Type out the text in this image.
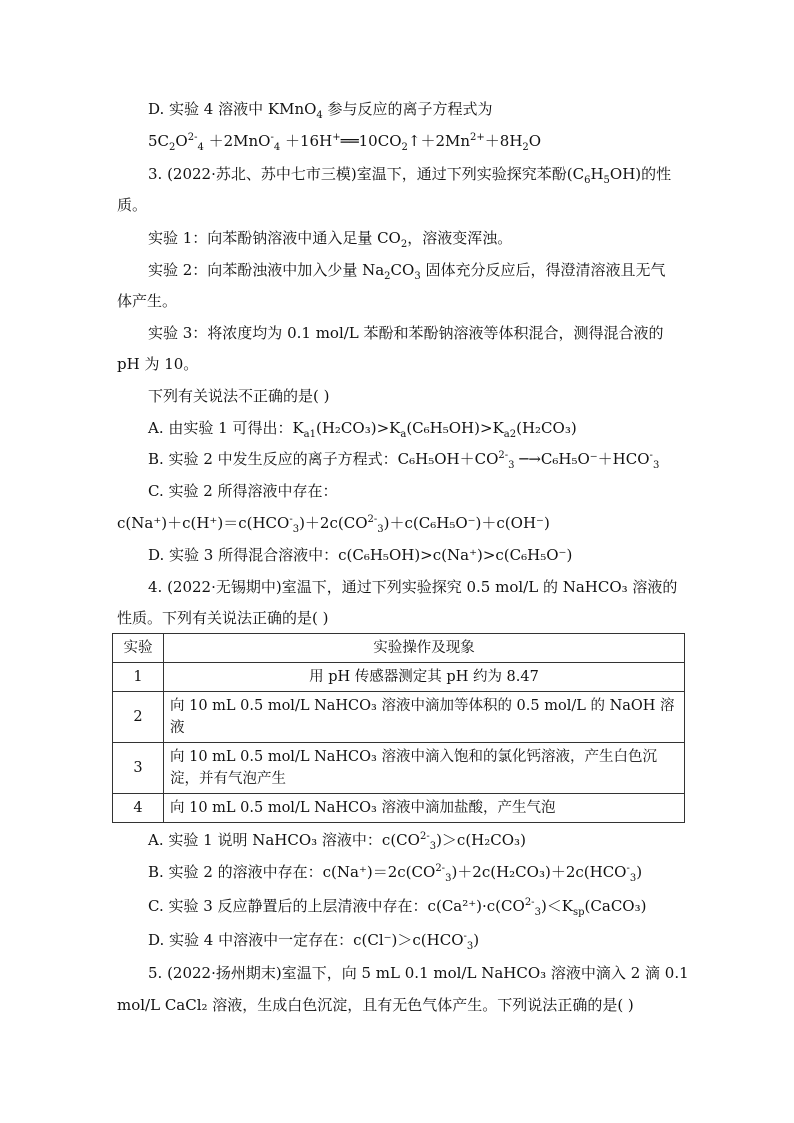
D. 实验 4 溶液中 KMnO$_4$ 参与反应的离子方程式为
$5C_2O^{2-}_4 +2MnO^-_4$ $+16H^+══10CO_2↑+2Mn^{2+}+8H_2O$
3. (2022·苏北、苏中七市三模)室温下，通过下列实验探究苯酚$(C_6H_5OH)$的性
质。
实验 1：向苯酚钠溶液中通入足量 $CO_2$，溶液变浑浊。
实验 2：向苯酚浊液中加入少量 $Na_2CO_3$ 固体充分反应后，得澄清溶液且无气
体产生。
实验 3：将浓度均为 0.1 mol/L 苯酚和苯酚钠溶液等体积混合，测得混合液的
pH 为 10。
下列有关说法不正确的是( )
A. 由实验 1 可得出：$K_{a1}(H_2CO_3)>K_a(C_6H_5OH)>K_{a2}(H_2CO_3)$
B. 实验 2 中发生反应的离子方程式：$C_6H_5OH+CO^{2-}_3$ $─\to C_6H_5O^-+HCO^-_3$
C. 实验 2 所得溶液中存在：
$c(Na^+)+c(H^+)=c(HCO^-_3)+2c(CO^{2-}_3)+c(C_6H_5O^-)+c(OH^-)$
D. 实验 3 所得混合溶液中：c(C₆H₅OH)>c(Na⁺)>c(C₆H₅O⁻)
4. (2022·无锡期中)室温下，通过下列实验探究 0.5 mol/L 的 NaHCO₃ 溶液的
性质。下列有关说法正确的是( )
实验	实验操作及现象
1	用 pH 传感器测定其 pH 约为 8.47
2	向 10 mL 0.5 mol/L NaHCO₃ 溶液中滴加等体积的 0.5 mol/L 的 NaOH 溶液
3	向 10 mL 0.5 mol/L NaHCO₃ 溶液中滴入饱和的氯化钙溶液，产生白色沉
淀，并有气泡产生

4	向 10 mL 0.5 mol/L NaHCO₃ 溶液中滴加盐酸，产生气泡
A. 实验 1 说明 NaHCO₃ 溶液中：$c(CO^{2-}_3)>c(H_2CO_3)$
B. 实验 2 的溶液中存在：$c(Na^+)=2c(CO^{2-}_3)+2c(H_2CO_3)+2c(HCO^-_3)$
C. 实验 3 反应静置后的上层清液中存在：$c(Ca^{2+})\cdot c(CO^{2-}_3)<K_{sp}(CaCO_3)$
D. 实验 4 中溶液中一定存在：$c(Cl^-)>c(HCO^-_3)$
5. (2022·扬州期末)室温下，向 5 mL 0.1 mol/L NaHCO₃ 溶液中滴入 2 滴 0.1
mol/L CaCl₂ 溶液，生成白色沉淀，且有无色气体产生。下列说法正确的是( )
